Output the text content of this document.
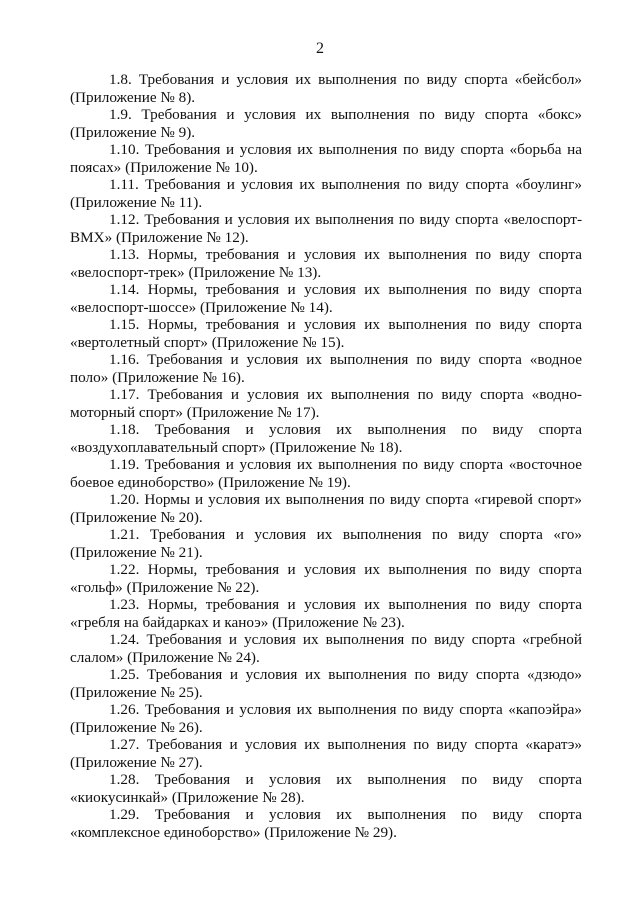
2

1.8. Требования и условия их выполнения по виду спорта «бейсбол» (Приложение № 8).

1.9. Требования и условия их выполнения по виду спорта «бокс» (Приложение № 9).

1.10. Требования и условия их выполнения по виду спорта «борьба на поясах» (Приложение № 10).

1.11. Требования и условия их выполнения по виду спорта «боулинг» (Приложение № 11).

1.12. Требования и условия их выполнения по виду спорта «велоспорт-BMX» (Приложение № 12).

1.13. Нормы, требования и условия их выполнения по виду спорта «велоспорт-трек» (Приложение № 13).

1.14. Нормы, требования и условия их выполнения по виду спорта «велоспорт-шоссе» (Приложение № 14).

1.15. Нормы, требования и условия их выполнения по виду спорта «вертолетный спорт» (Приложение № 15).

1.16. Требования и условия их выполнения по виду спорта «водное поло» (Приложение № 16).

1.17. Требования и условия их выполнения по виду спорта «водно-моторный спорт» (Приложение № 17).

1.18. Требования и условия их выполнения по виду спорта «воздухоплавательный спорт» (Приложение № 18).

1.19. Требования и условия их выполнения по виду спорта «восточное боевое единоборство» (Приложение № 19).

1.20. Нормы и условия их выполнения по виду спорта «гиревой спорт» (Приложение № 20).

1.21. Требования и условия их выполнения по виду спорта «го» (Приложение № 21).

1.22. Нормы, требования и условия их выполнения по виду спорта «гольф» (Приложение № 22).

1.23. Нормы, требования и условия их выполнения по виду спорта «гребля на байдарках и каноэ» (Приложение № 23).

1.24. Требования и условия их выполнения по виду спорта «гребной слалом» (Приложение № 24).

1.25. Требования и условия их выполнения по виду спорта «дзюдо» (Приложение № 25).

1.26. Требования и условия их выполнения по виду спорта «капоэйра» (Приложение № 26).

1.27. Требования и условия их выполнения по виду спорта «каратэ» (Приложение № 27).

1.28. Требования и условия их выполнения по виду спорта «киокусинкай» (Приложение № 28).

1.29. Требования и условия их выполнения по виду спорта «комплексное единоборство» (Приложение № 29).
